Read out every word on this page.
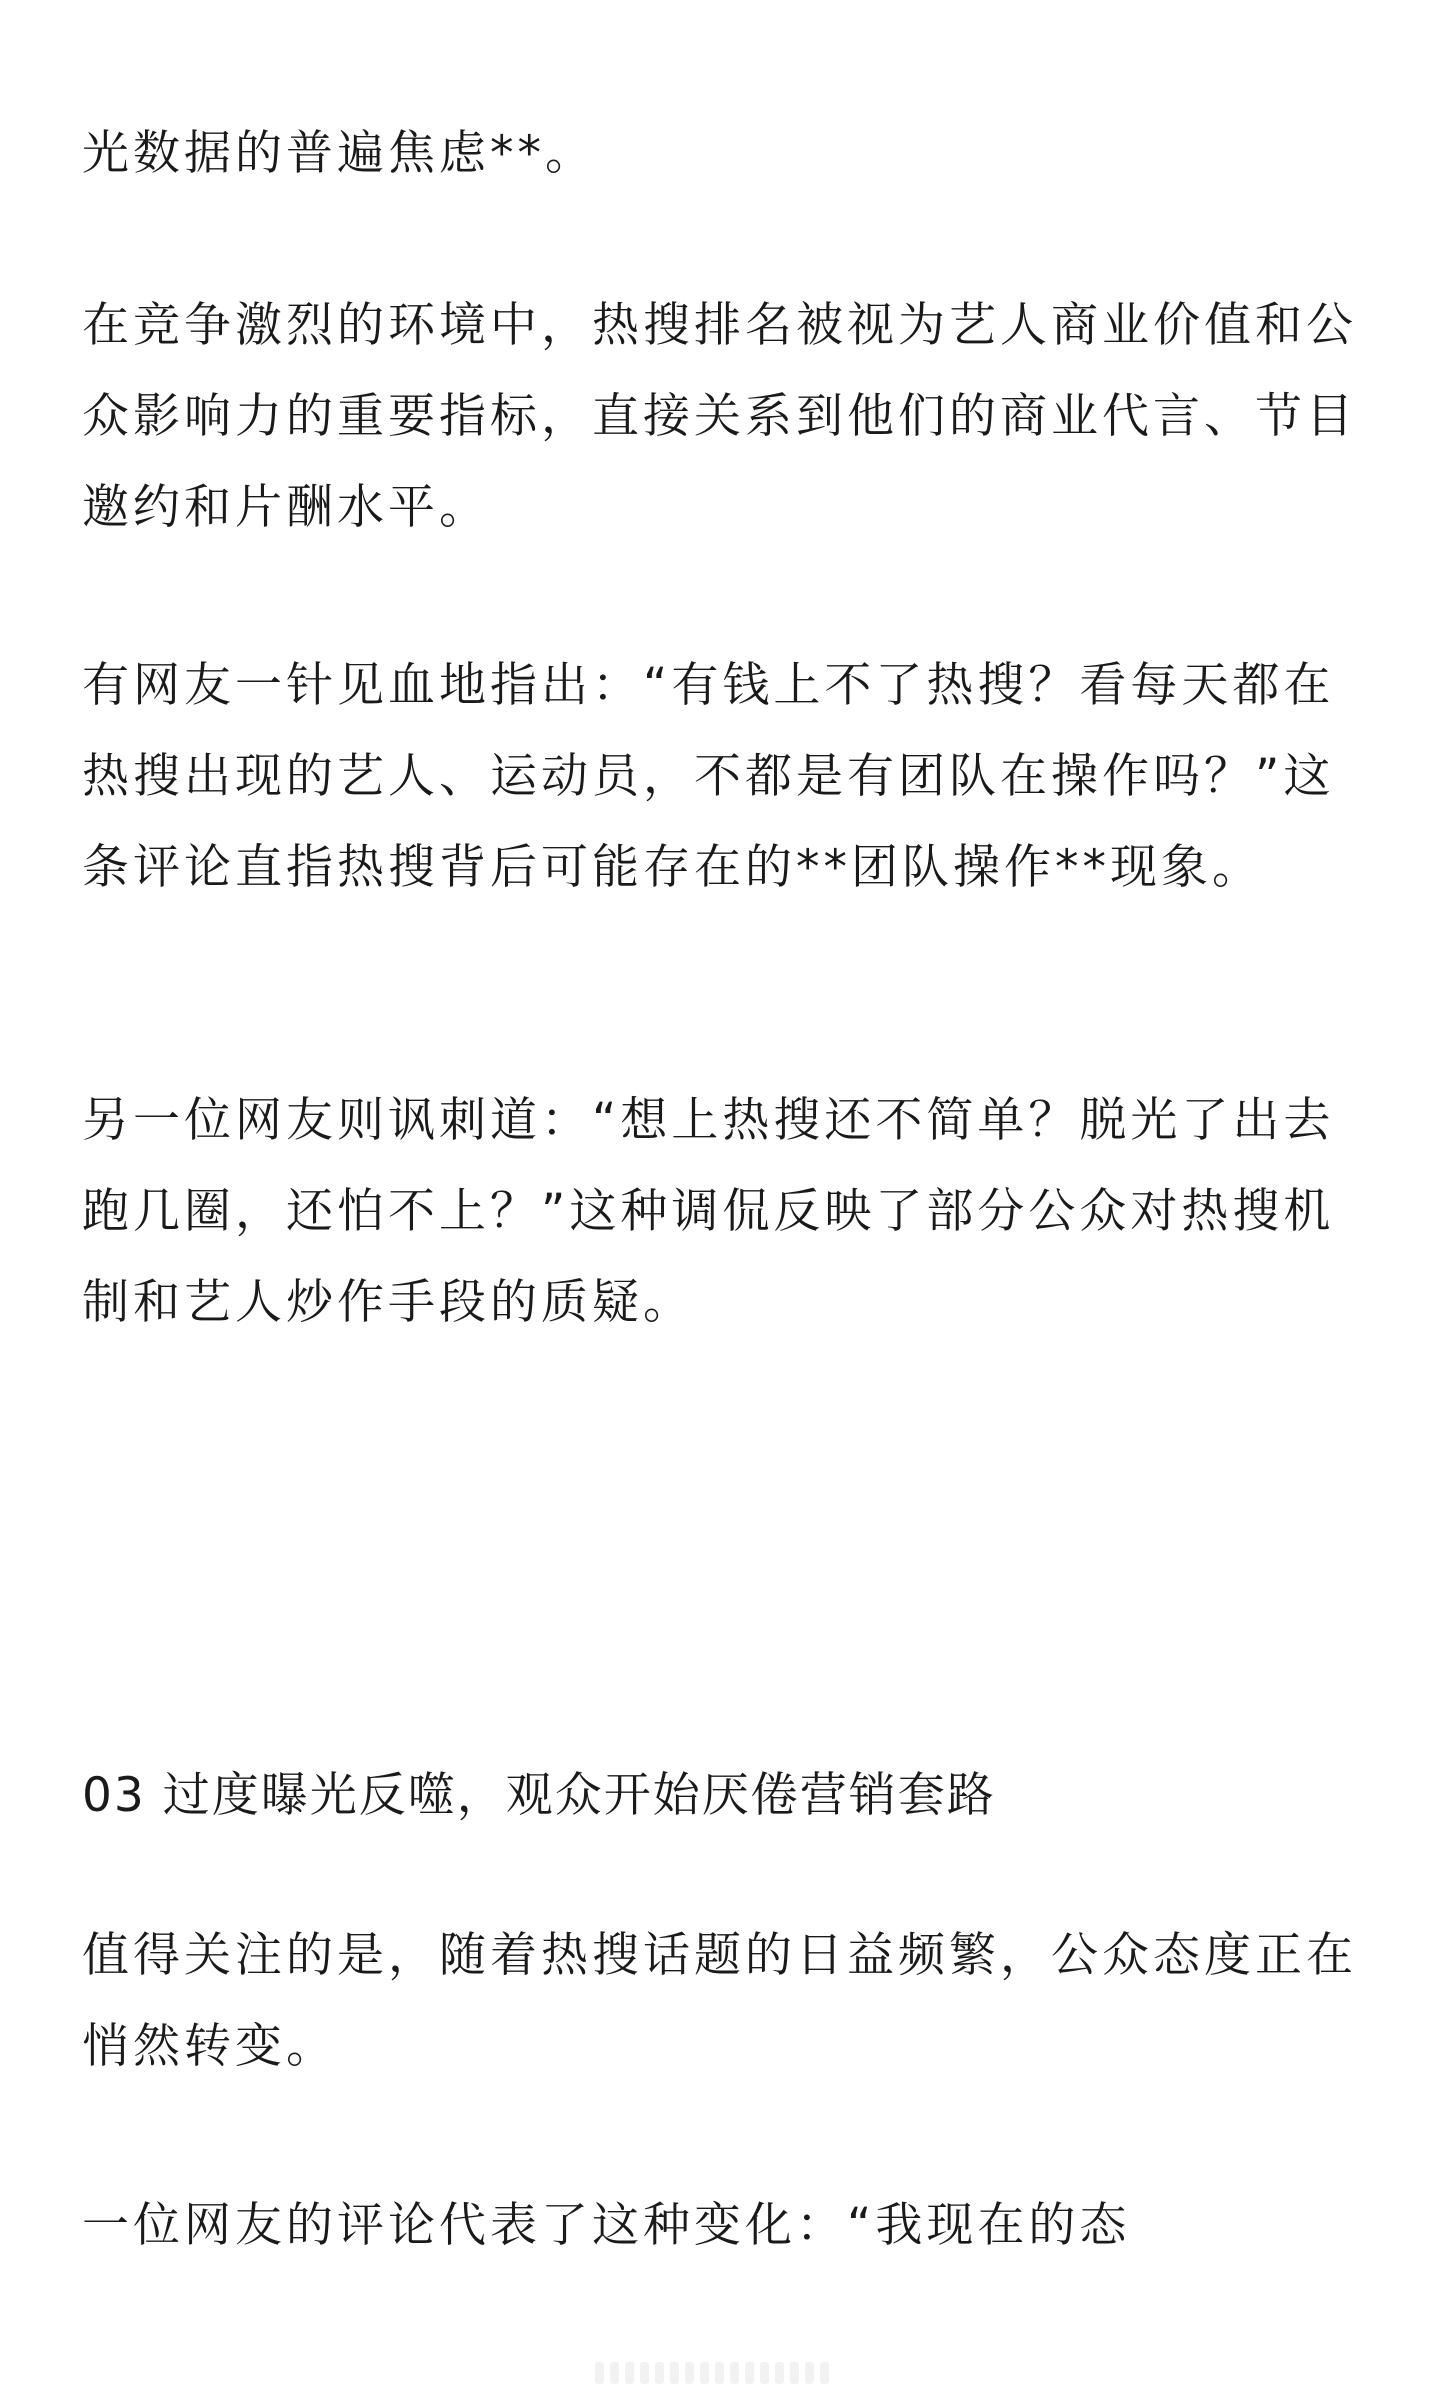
光数据的普遍焦虑**。

在竞争激烈的环境中，热搜排名被视为艺人商业价值和公众影响力的重要指标，直接关系到他们的商业代言、节目邀约和片酬水平。

有网友一针见血地指出：“有钱上不了热搜？看每天都在热搜出现的艺人、运动员，不都是有团队在操作吗？”这条评论直指热搜背后可能存在的**团队操作**现象。

另一位网友则讽刺道：“想上热搜还不简单？脱光了出去跑几圈，还怕不上？”这种调侃反映了部分公众对热搜机制和艺人炒作手段的质疑。

03 过度曝光反噬，观众开始厌倦营销套路

值得关注的是，随着热搜话题的日益频繁，公众态度正在悄然转变。

一位网友的评论代表了这种变化：“我现在的态
